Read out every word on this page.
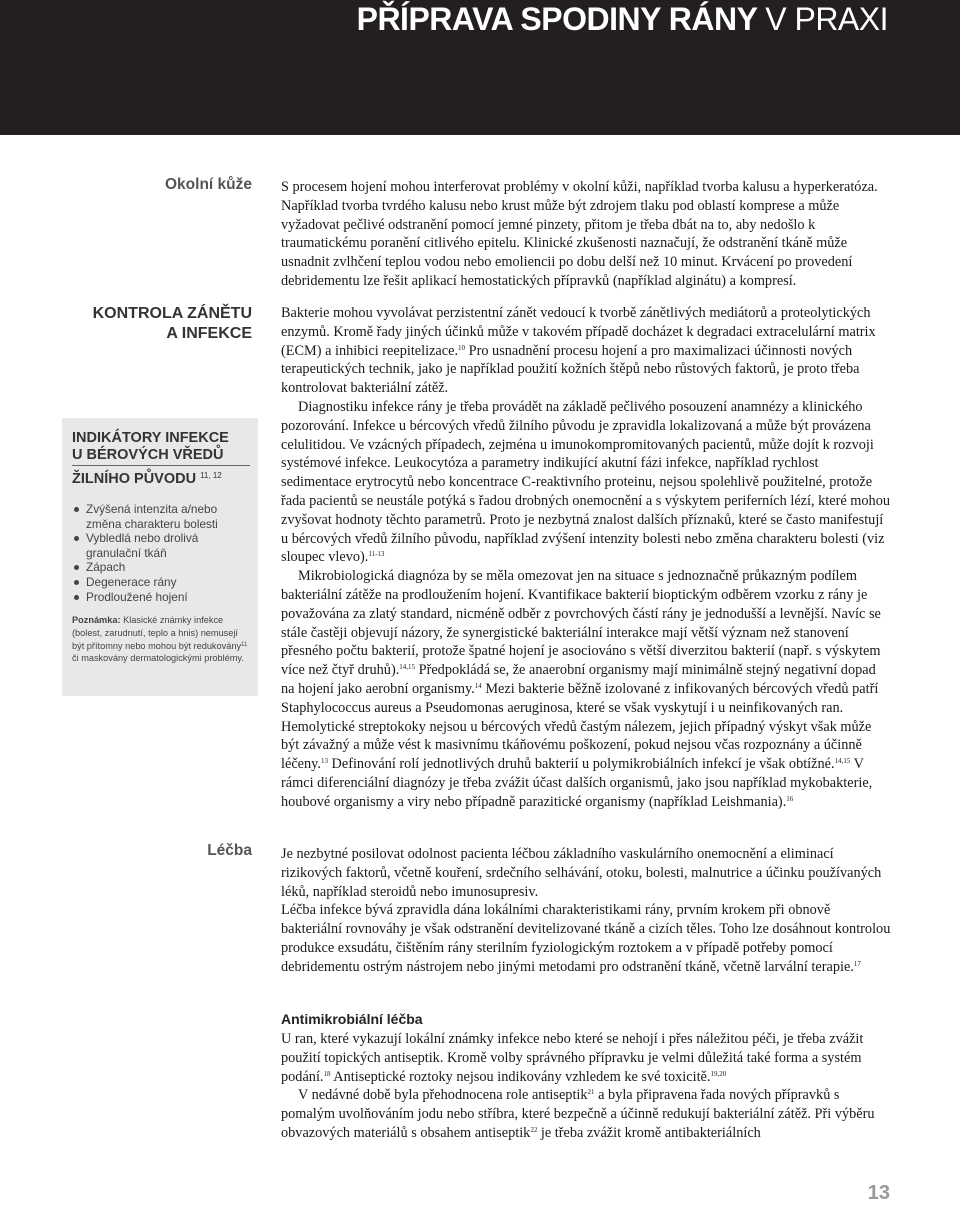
PŘÍPRAVA SPODINY RÁNY V PRAXI
Okolní kůže S procesem hojení mohou interferovat problémy v okolní kůži, například tvorba kalusu a hyperkeratóza. Například tvorba tvrdého kalusu nebo krust může být zdrojem tlaku pod oblastí komprese a může vyžadovat pečlivé odstranění pomocí jemné pinzety, přitom je třeba dbát na to, aby nedošlo k traumatickému poranění citlivého epitelu. Klinické zkušenosti naznačují, že odstranění tkáně může usnadnit zvlhčení teplou vodou nebo emoliencii po dobu delší než 10 minut. Krvácení po provedení debridementu lze řešit aplikací hemostatických přípravků (například alginátu) a kompresí.

KONTROLA ZÁNĚTU
A INFEKCE
INDIKÁTORY INFEKCE
U BÉROVÝCH VŘEDŮ
ŽILNÍHO PŮVODU $^{11, 12}$
Zvýšená intenzita a/nebo změna charakteru bolesti
Vybledlá nebo drolivá granulační tkáň
Zápach
Degenerace rány
Prodloužené hojení

Poznámka: Klasické známky infekce (bolest, zarudnutí, teplo a hnis) nemusejí být přítomny nebo mohou být redukovány$^{11}$ či maskovány dermatologickými problémy.

Bakterie mohou vyvolávat perzistentní zánět vedoucí k tvorbě zánětlivých mediátorů a proteolytických enzymů. Kromě řady jiných účinků může v takovém případě docházet k degradaci extracelulární matrix (ECM) a inhibici reepitelizace.$^{10}$ Pro usnadnění procesu hojení a pro maximalizaci účinnosti nových terapeutických technik, jako je například použití kožních štěpů nebo růstových faktorů, je proto třeba kontrolovat bakteriální zátěž.

Diagnostiku infekce rány je třeba provádět na základě pečlivého posouzení anamnézy a klinického pozorování. Infekce u bércových vředů žilního původu je zpravidla lokalizovaná a může být provázena celulitidou. Ve vzácných případech, zejména u imunokompromitovaných pacientů, může dojít k rozvoji systémové infekce. Leukocytóza a parametry indikující akutní fázi infekce, například rychlost sedimentace erytrocytů nebo koncentrace C-reaktivního proteinu, nejsou spolehlivě použitelné, protože řada pacientů se neustále potýká s řadou drobných onemocnění a s výskytem periferních lézí, které mohou zvyšovat hodnoty těchto parametrů. Proto je nezbytná znalost dalších příznaků, které se často manifestují u bércových vředů žilního původu, například zvýšení intenzity bolesti nebo změna charakteru bolesti (viz sloupec vlevo).$^{11-13}$

Mikrobiologická diagnóza by se měla omezovat jen na situace s jednoznačně průkazným podílem bakteriální zátěže na prodloužením hojení. Kvantifikace bakterií bioptickým odběrem vzorku z rány je považována za zlatý standard, nicméně odběr z povrchových částí rány je jednodušší a levnější. Navíc se stále častěji objevují názory, že synergistické bakteriální interakce mají větší význam než stanovení přesného počtu bakterií, protože špatné hojení je asociováno s větší diverzitou bakterií (např. s výskytem více než čtyř druhů).$^{14,15}$ Předpokládá se, že anaerobní organismy mají minimálně stejný negativní dopad na hojení jako aerobní organismy.$^{14}$ Mezi bakterie běžně izolované z infikovaných bércových vředů patří Staphylococcus aureus a Pseudomonas aeruginosa, které se však vyskytují i u neinfikovaných ran. Hemolytické streptokoky nejsou u bércových vředů častým nálezem, jejich případný výskyt však může být závažný a může vést k masivnímu tkáňovému poškození, pokud nejsou včas rozpoznány a účinně léčeny.$^{13}$ Definování rolí jednotlivých druhů bakterií u polymikrobiálních infekcí je však obtížné.$^{14,15}$ V rámci diferenciální diagnózy je třeba zvážit účast dalších organismů, jako jsou například mykobakterie, houbové organismy a viry nebo případně parazitické organismy (například Leishmania).$^{16}$

Léčba Je nezbytné posilovat odolnost pacienta léčbou základního vaskulárního onemocnění a eliminací rizikových faktorů, včetně kouření, srdečního selhávání, otoku, bolesti, malnutrice a účinku používaných léků, například steroidů nebo imunosupresiv.

Léčba infekce bývá zpravidla dána lokálními charakteristikami rány, prvním krokem při obnově bakteriální rovnováhy je však odstranění devitelizované tkáně a cizích těles. Toho lze dosáhnout kontrolou produkce exsudátu, čištěním rány sterilním fyziologickým roztokem a v případě potřeby pomocí debridementu ostrým nástrojem nebo jinými metodami pro odstranění tkáně, včetně larvální terapie.$^{17}$

Antimikrobiální léčba

U ran, které vykazují lokální známky infekce nebo které se nehojí i přes náležitou péči, je třeba zvážit použití topických antiseptik. Kromě volby správného přípravku je velmi důležitá také forma a systém podání.$^{18}$ Antiseptické roztoky nejsou indikovány vzhledem ke své toxicitě.$^{19,20}$

V nedávné době byla přehodnocena role antiseptik$^{21}$ a byla připravena řada nových přípravků s pomalým uvolňováním jodu nebo stříbra, které bezpečně a účinně redukují bakteriální zátěž. Při výběru obvazových materiálů s obsahem antiseptik$^{22}$ je třeba zvážit kromě antibakteriálních

13
